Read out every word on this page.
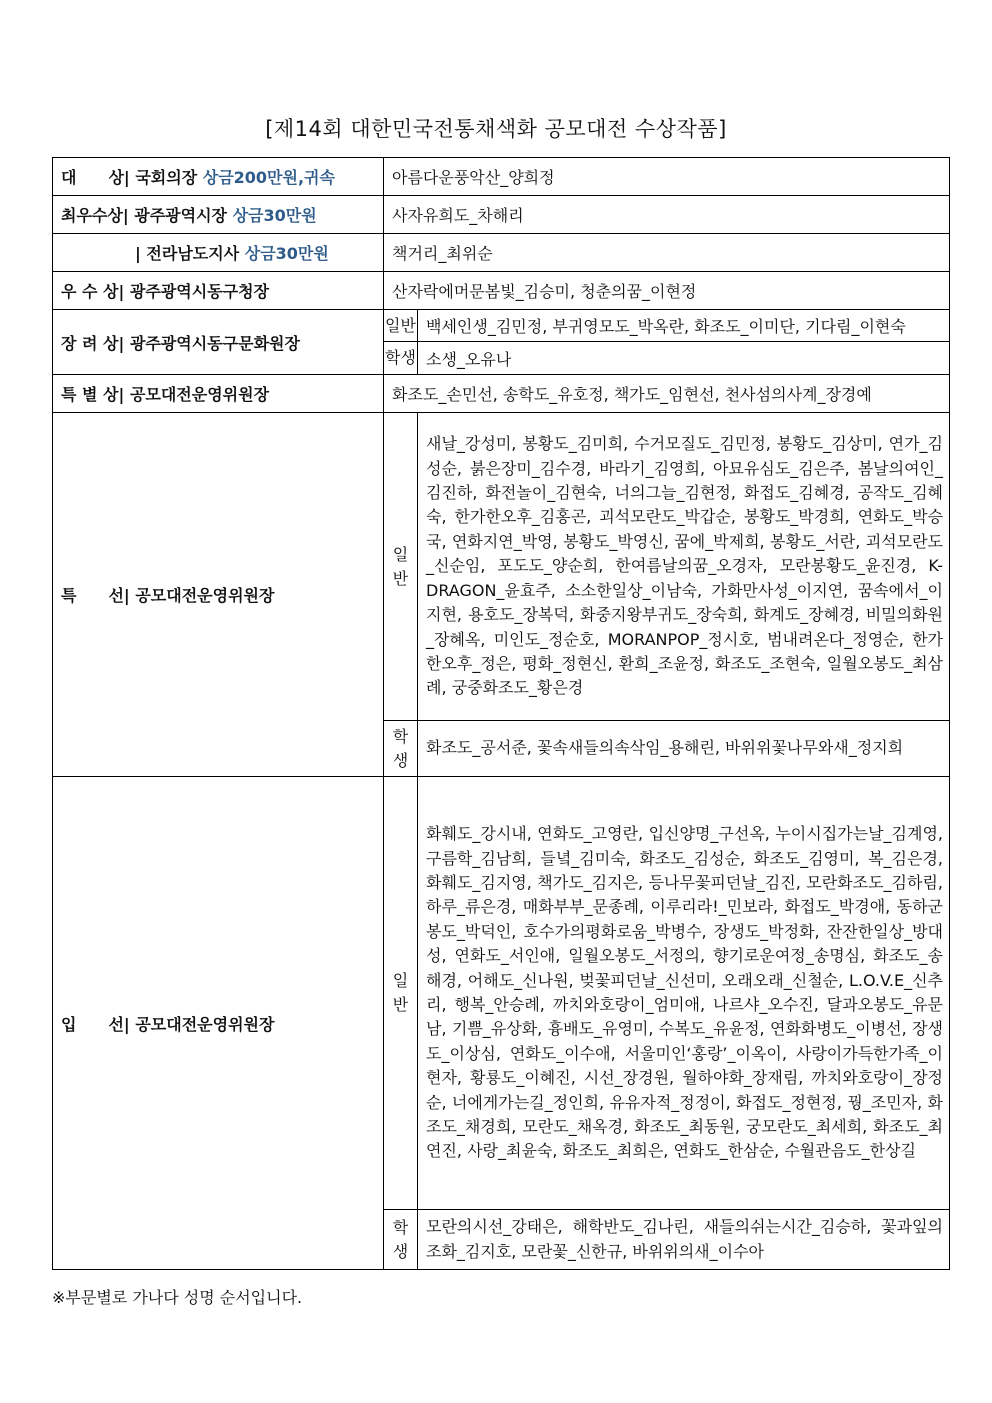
[제14회 대한민국전통채색화 공모대전 수상작품]
대　　상| 국회의장 상금200만원,귀속	아름다운풍악산_양희정	
최우수상| 광주광역시장 상금30만원	사자유희도_차해리	
| 전라남도지사 상금30만원	책거리_최위순	
우 수 상| 광주광역시동구청장	산자락에머문봄빛_김승미, 청춘의꿈_이현정	
장 려 상| 광주광역시동구문화원장	일반	백세인생_김민정, 부귀영모도_박옥란, 화조도_이미단, 기다림_이현숙
	학생	소생_오유나
특 별 상| 공모대전운영위원장	화조도_손민선, 송학도_유호정, 책가도_임현선, 천사섬의사계_장경예	
특　　선| 공모대전운영위원장	일반	새날_강성미, 봉황도_김미희, 수거모질도_김민정, 봉황도_김상미, 연가_김성순, 붉은장미_김수경, 바라기_김영희, 아묘유심도_김은주, 봄날의여인_김진하, 화전놀이_김현숙, 너의그늘_김현정, 화접도_김혜경, 공작도_김혜숙, 한가한오후_김홍곤, 괴석모란도_박갑순, 봉황도_박경희, 연화도_박승국, 연화지연_박영, 봉황도_박영신, 꿈에_박제희, 봉황도_서란, 괴석모란도_신순임, 포도도_양순희, 한여름날의꿈_오경자, 모란봉황도_윤진경, K-DRAGON_윤효주, 소소한일상_이남숙, 가화만사성_이지연, 꿈속에서_이지현, 용호도_장복덕, 화중지왕부귀도_장숙희, 화계도_장혜경, 비밀의화원_장혜옥, 미인도_정순호, MORANPOP_정시호, 범내려온다_정영순, 한가한오후_정은, 평화_정현신, 환희_조윤정, 화조도_조현숙, 일월오봉도_최삼례, 궁중화조도_황은경

	학생	화조도_공서준, 꽃속새들의속삭임_용해린, 바위위꽃나무와새_정지희
입　　선| 공모대전운영위원장	일반	화훼도_강시내, 연화도_고영란, 입신양명_구선옥, 누이시집가는날_김계영, 구름학_김남희, 들녘_김미숙, 화조도_김성순, 화조도_김영미, 복_김은경, 화훼도_김지영, 책가도_김지은, 등나무꽃피던날_김진, 모란화조도_김하림, 하루_류은경, 매화부부_문종례, 이루리라!_민보라, 화접도_박경애, 동하군봉도_박덕인, 호수가의평화로움_박병수, 장생도_박정화, 잔잔한일상_방대성, 연화도_서인애, 일월오봉도_서정의, 향기로운여정_송명심, 화조도_송해경, 어해도_신나원, 벚꽃피던날_신선미, 오래오래_신철순, L.O.V.E_신추리, 행복_안승례, 까치와호랑이_엄미애, 나르샤_오수진, 달과오봉도_유문남, 기쁨_유상화, 흉배도_유영미, 수복도_유윤정, 연화화병도_이병선, 장생도_이상심, 연화도_이수애, 서울미인‘홍랑’_이옥이, 사랑이가득한가족_이현자, 황룡도_이혜진, 시선_장경원, 월하야화_장재림, 까치와호랑이_장정순, 너에게가는길_정인희, 유유자적_정정이, 화접도_정현정, 꿩_조민자, 화조도_채경희, 모란도_채옥경, 화조도_최동원, 궁모란도_최세희, 화조도_최연진, 사랑_최윤숙, 화조도_최희은, 연화도_한삼순, 수월관음도_한상길

	학생	모란의시선_강태은, 해학반도_김나린, 새들의쉬는시간_김승하, 꽃과잎의조화_김지호, 모란꽃_신한규, 바위위의새_이수아
※부문별로 가나다 성명 순서입니다.
